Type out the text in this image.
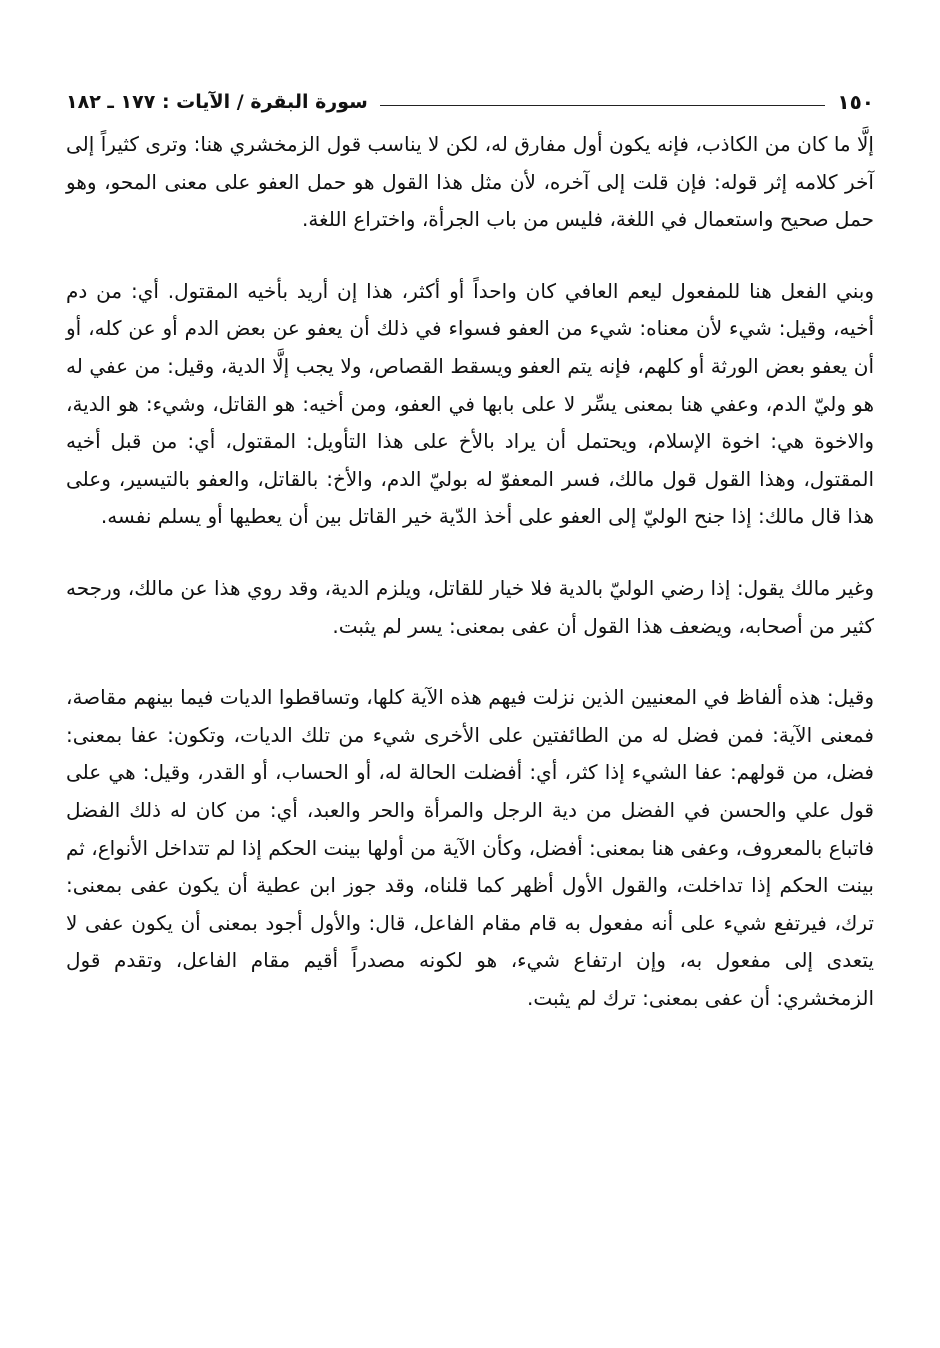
١٥٠
سورة البقرة / الآيات : ١٧٧ ـ ١٨٢

إلَّا ما كان من الكاذب، فإنه يكون أول مفارق له، لكن لا يناسب قول الزمخشري هنا: وترى كثيراً إلى آخر كلامه إثر قوله: فإن قلت إلى آخره، لأن مثل هذا القول هو حمل العفو على معنى المحو، وهو حمل صحيح واستعمال في اللغة، فليس من باب الجرأة، واختراع اللغة.

وبني الفعل هنا للمفعول ليعم العافي كان واحداً أو أكثر، هذا إن أريد بأخيه المقتول. أي: من دم أخيه، وقيل: شيء لأن معناه: شيء من العفو فسواء في ذلك أن يعفو عن بعض الدم أو عن كله، أو أن يعفو بعض الورثة أو كلهم، فإنه يتم العفو ويسقط القصاص، ولا يجب إلَّا الدية، وقيل: من عفي له هو وليّ الدم، وعفي هنا بمعنى يسِّر لا على بابها في العفو، ومن أخيه: هو القاتل، وشيء: هو الدية، والاخوة هي: اخوة الإسلام، ويحتمل أن يراد بالأخ على هذا التأويل: المقتول، أي: من قبل أخيه المقتول، وهذا القول قول مالك، فسر المعفوّ له بوليّ الدم، والأخ: بالقاتل، والعفو بالتيسير، وعلى هذا قال مالك: إذا جنح الوليّ إلى العفو على أخذ الدّية خير القاتل بين أن يعطيها أو يسلم نفسه.

وغير مالك يقول: إذا رضي الوليّ بالدية فلا خيار للقاتل، ويلزم الدية، وقد روي هذا عن مالك، ورجحه كثير من أصحابه، ويضعف هذا القول أن عفى بمعنى: يسر لم يثبت.

وقيل: هذه ألفاظ في المعنيين الذين نزلت فيهم هذه الآية كلها، وتساقطوا الديات فيما بينهم مقاصة، فمعنى الآية: فمن فضل له من الطائفتين على الأخرى شيء من تلك الديات، وتكون: عفا بمعنى: فضل، من قولهم: عفا الشيء إذا كثر، أي: أفضلت الحالة له، أو الحساب، أو القدر، وقيل: هي على قول علي والحسن في الفضل من دية الرجل والمرأة والحر والعبد، أي: من كان له ذلك الفضل فاتباع بالمعروف، وعفى هنا بمعنى: أفضل، وكأن الآية من أولها بينت الحكم إذا لم تتداخل الأنواع، ثم بينت الحكم إذا تداخلت، والقول الأول أظهر كما قلناه، وقد جوز ابن عطية أن يكون عفى بمعنى: ترك، فيرتفع شيء على أنه مفعول به قام مقام الفاعل، قال: والأول أجود بمعنى أن يكون عفى لا يتعدى إلى مفعول به، وإن ارتفاع شيء، هو لكونه مصدراً أقيم مقام الفاعل، وتقدم قول الزمخشري: أن عفى بمعنى: ترك لم يثبت.
